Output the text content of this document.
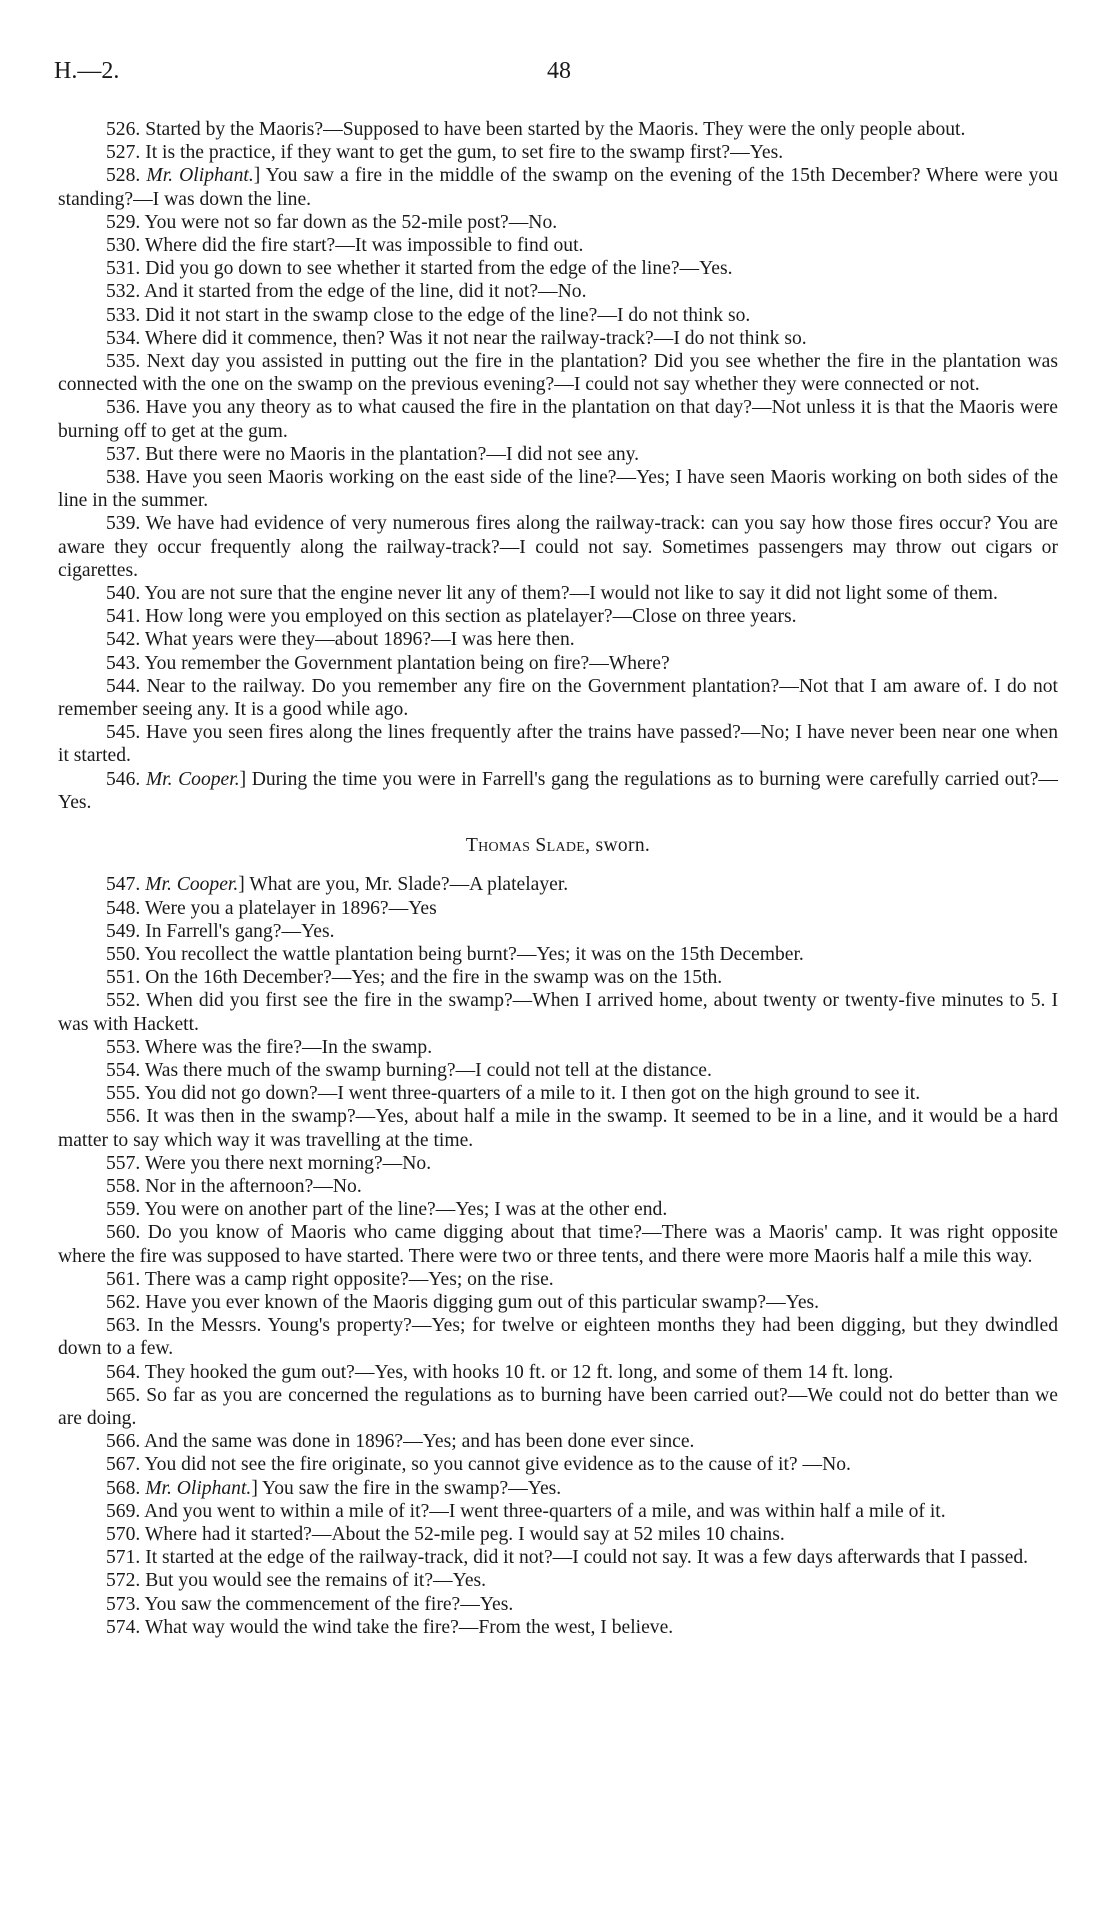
H.—2.	48

526. Started by the Maoris?—Supposed to have been started by the Maoris. They were the only people about.

527. It is the practice, if they want to get the gum, to set fire to the swamp first?—Yes.

528. Mr. Oliphant.] You saw a fire in the middle of the swamp on the evening of the 15th December? Where were you standing?—I was down the line.

529. You were not so far down as the 52-mile post?—No.

530. Where did the fire start?—It was impossible to find out.

531. Did you go down to see whether it started from the edge of the line?—Yes.

532. And it started from the edge of the line, did it not?—No.

533. Did it not start in the swamp close to the edge of the line?—I do not think so.

534. Where did it commence, then? Was it not near the railway-track?—I do not think so.

535. Next day you assisted in putting out the fire in the plantation? Did you see whether the fire in the plantation was connected with the one on the swamp on the previous evening?—I could not say whether they were connected or not.

536. Have you any theory as to what caused the fire in the plantation on that day?—Not unless it is that the Maoris were burning off to get at the gum.

537. But there were no Maoris in the plantation?—I did not see any.

538. Have you seen Maoris working on the east side of the line?—Yes; I have seen Maoris working on both sides of the line in the summer.

539. We have had evidence of very numerous fires along the railway-track: can you say how those fires occur? You are aware they occur frequently along the railway-track?—I could not say. Sometimes passengers may throw out cigars or cigarettes.

540. You are not sure that the engine never lit any of them?—I would not like to say it did not light some of them.

541. How long were you employed on this section as platelayer?—Close on three years.

542. What years were they—about 1896?—I was here then.

543. You remember the Government plantation being on fire?—Where?

544. Near to the railway. Do you remember any fire on the Government plantation?—Not that I am aware of. I do not remember seeing any. It is a good while ago.

545. Have you seen fires along the lines frequently after the trains have passed?—No; I have never been near one when it started.

546. Mr. Cooper.] During the time you were in Farrell's gang the regulations as to burning were carefully carried out?—Yes.

Thomas Slade, sworn.

547. Mr. Cooper.] What are you, Mr. Slade?—A platelayer.

548. Were you a platelayer in 1896?—Yes

549. In Farrell's gang?—Yes.

550. You recollect the wattle plantation being burnt?—Yes; it was on the 15th December.

551. On the 16th December?—Yes; and the fire in the swamp was on the 15th.

552. When did you first see the fire in the swamp?—When I arrived home, about twenty or twenty-five minutes to 5. I was with Hackett.

553. Where was the fire?—In the swamp.

554. Was there much of the swamp burning?—I could not tell at the distance.

555. You did not go down?—I went three-quarters of a mile to it. I then got on the high ground to see it.

556. It was then in the swamp?—Yes, about half a mile in the swamp. It seemed to be in a line, and it would be a hard matter to say which way it was travelling at the time.

557. Were you there next morning?—No.

558. Nor in the afternoon?—No.

559. You were on another part of the line?—Yes; I was at the other end.

560. Do you know of Maoris who came digging about that time?—There was a Maoris' camp. It was right opposite where the fire was supposed to have started. There were two or three tents, and there were more Maoris half a mile this way.

561. There was a camp right opposite?—Yes; on the rise.

562. Have you ever known of the Maoris digging gum out of this particular swamp?—Yes.

563. In the Messrs. Young's property?—Yes; for twelve or eighteen months they had been digging, but they dwindled down to a few.

564. They hooked the gum out?—Yes, with hooks 10 ft. or 12 ft. long, and some of them 14 ft. long.

565. So far as you are concerned the regulations as to burning have been carried out?—We could not do better than we are doing.

566. And the same was done in 1896?—Yes; and has been done ever since.

567. You did not see the fire originate, so you cannot give evidence as to the cause of it? —No.

568. Mr. Oliphant.] You saw the fire in the swamp?—Yes.

569. And you went to within a mile of it?—I went three-quarters of a mile, and was within half a mile of it.

570. Where had it started?—About the 52-mile peg. I would say at 52 miles 10 chains.

571. It started at the edge of the railway-track, did it not?—I could not say. It was a few days afterwards that I passed.

572. But you would see the remains of it?—Yes.

573. You saw the commencement of the fire?—Yes.

574. What way would the wind take the fire?—From the west, I believe.
